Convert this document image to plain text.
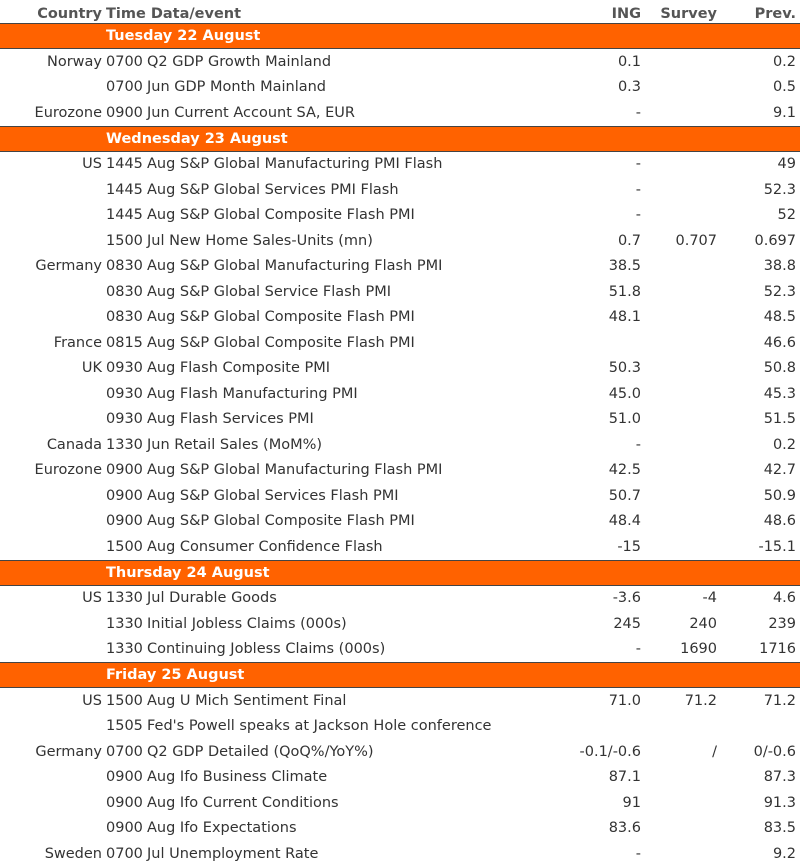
Country	Time Data/event		ING	Survey	Prev.
	Tuesday 22 August				
Norway	0700	Q2 GDP Growth Mainland	0.1		0.2
	0700	Jun GDP Month Mainland	0.3		0.5
Eurozone	0900	Jun Current Account SA, EUR	-		9.1
	Wednesday 23 August				
US	1445	Aug S&P Global Manufacturing PMI Flash	-		49
	1445	Aug S&P Global Services PMI Flash	-		52.3
	1445	Aug S&P Global Composite Flash PMI	-		52
	1500	Jul New Home Sales-Units (mn)	0.7	0.707	0.697
Germany	0830	Aug S&P Global Manufacturing Flash PMI	38.5		38.8
	0830	Aug S&P Global Service Flash PMI	51.8		52.3
	0830	Aug S&P Global Composite Flash PMI	48.1		48.5
France	0815	Aug S&P Global Composite Flash PMI			46.6
UK	0930	Aug Flash Composite PMI	50.3		50.8
	0930	Aug Flash Manufacturing PMI	45.0		45.3
	0930	Aug Flash Services PMI	51.0		51.5
Canada	1330	Jun Retail Sales (MoM%)	-		0.2
Eurozone	0900	Aug S&P Global Manufacturing Flash PMI	42.5		42.7
	0900	Aug S&P Global Services Flash PMI	50.7		50.9
	0900	Aug S&P Global Composite Flash PMI	48.4		48.6
	1500	Aug Consumer Confidence Flash	-15		-15.1
	Thursday 24 August				
US	1330	Jul Durable Goods	-3.6	-4	4.6
	1330	Initial Jobless Claims (000s)	245	240	239
	1330	Continuing Jobless Claims (000s)	-	1690	1716
	Friday 25 August				
US	1500	Aug U Mich Sentiment Final	71.0	71.2	71.2
	1505	Fed's Powell speaks at Jackson Hole conference			
Germany	0700	Q2 GDP Detailed (QoQ%/YoY%)	-0.1/-0.6	/	0/-0.6
	0900	Aug Ifo Business Climate	87.1		87.3
	0900	Aug Ifo Current Conditions	91		91.3
	0900	Aug Ifo Expectations	83.6		83.5
Sweden	0700	Jul Unemployment Rate	-		9.2
